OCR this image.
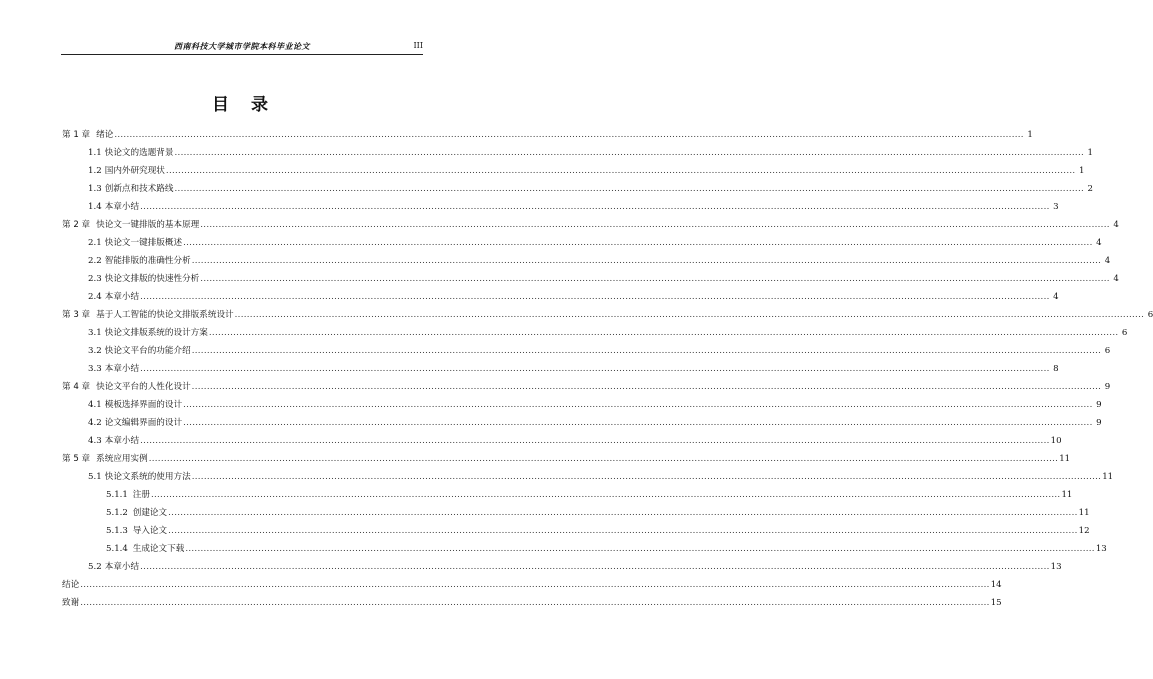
西南科技大学城市学院本科毕业论文	III
目录
第 1 章 绪论 ............................................................................................................................................................................................................................................................................................................ 1
1.1 快论文的选题背景 ............................................................................................................................................................................................................................................................................................................ 1
1.2 国内外研究现状 ............................................................................................................................................................................................................................................................................................................ 1
1.3 创新点和技术路线 ............................................................................................................................................................................................................................................................................................................ 2
1.4 本章小结 ............................................................................................................................................................................................................................................................................................................ 3
第 2 章 快论文一键排版的基本原理 ............................................................................................................................................................................................................................................................................................................ 4
2.1 快论文一键排版概述 ............................................................................................................................................................................................................................................................................................................ 4
2.2 智能排版的准确性分析 ............................................................................................................................................................................................................................................................................................................ 4
2.3 快论文排版的快速性分析 ............................................................................................................................................................................................................................................................................................................ 4
2.4 本章小结 ............................................................................................................................................................................................................................................................................................................ 4
第 3 章 基于人工智能的快论文排版系统设计 ............................................................................................................................................................................................................................................................................................................ 6
3.1 快论文排版系统的设计方案 ............................................................................................................................................................................................................................................................................................................ 6
3.2 快论文平台的功能介绍 ............................................................................................................................................................................................................................................................................................................ 6
3.3 本章小结 ............................................................................................................................................................................................................................................................................................................ 8
第 4 章 快论文平台的人性化设计 ............................................................................................................................................................................................................................................................................................................ 9
4.1 模板选择界面的设计 ............................................................................................................................................................................................................................................................................................................ 9
4.2 论文编辑界面的设计 ............................................................................................................................................................................................................................................................................................................ 9
4.3 本章小结 ............................................................................................................................................................................................................................................................................................................ 10
第 5 章 系统应用实例 ............................................................................................................................................................................................................................................................................................................ 11
5.1 快论文系统的使用方法 ............................................................................................................................................................................................................................................................................................................ 11
5.1.1 注册 ............................................................................................................................................................................................................................................................................................................ 11
5.1.2 创建论文 ............................................................................................................................................................................................................................................................................................................ 11
5.1.3 导入论文 ............................................................................................................................................................................................................................................................................................................ 12
5.1.4 生成论文下载 ............................................................................................................................................................................................................................................................................................................ 13
5.2 本章小结 ............................................................................................................................................................................................................................................................................................................ 13
结论 ............................................................................................................................................................................................................................................................................................................ 14
致谢 ............................................................................................................................................................................................................................................................................................................ 15
